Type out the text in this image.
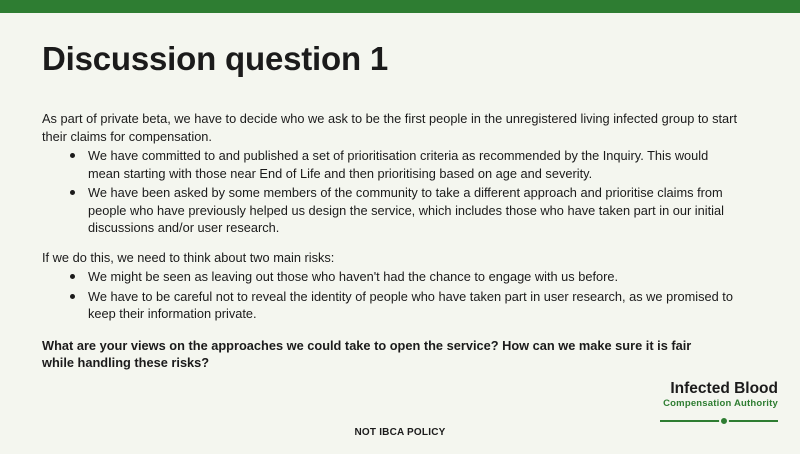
Discussion question 1

As part of private beta, we have to decide who we ask to be the first people in the unregistered living infected group to start their claims for compensation.

We have committed to and published a set of prioritisation criteria as recommended by the Inquiry. This would mean starting with those near End of Life and then prioritising based on age and severity.
We have been asked by some members of the community to take a different approach and prioritise claims from people who have previously helped us design the service, which includes those who have taken part in our initial discussions and/or user research.

If we do this, we need to think about two main risks:

We might be seen as leaving out those who haven't had the chance to engage with us before.
We have to be careful not to reveal the identity of people who have taken part in user research, as we promised to keep their information private.

What are your views on the approaches we could take to open the service? How can we make sure it is fair while handling these risks?

NOT IBCA POLICY
Infected Blood
Compensation Authority
